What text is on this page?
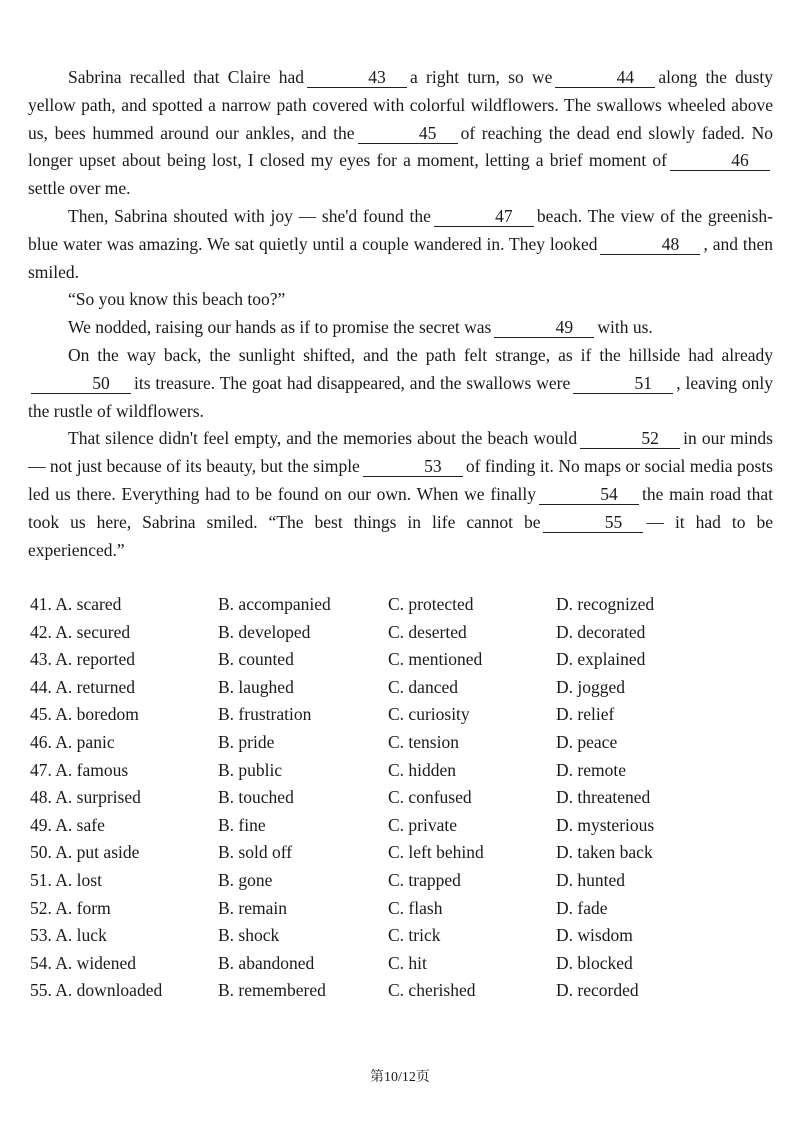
Sabrina recalled that Claire had	43 a right turn, so we	44 along the dusty yellow path, and spotted a narrow path covered with colorful wildflowers. The swallows wheeled above us, bees hummed around our ankles, and the	45 of reaching the dead end slowly faded. No longer upset about being lost, I closed my eyes for a moment, letting a brief moment of	46settle over me.

Then, Sabrina shouted with joy — she'd found the	47 beach. The view of the greenish-blue water was amazing. We sat quietly until a couple wandered in. They looked	48 , and then smiled.

“So you know this beach too?”

We nodded, raising our hands as if to promise the secret was	49 with us.

On the way back, the sunlight shifted, and the path felt strange, as if the hillside had already50 its treasure. The goat had disappeared, and the swallows were	51 , leaving only the rustle of wildflowers.

That silence didn't feel empty, and the memories about the beach would	52 in our minds — not just because of its beauty, but the simple	53 of finding it. No maps or social media posts led us there. Everything had to be found on our own. When we finally	54 the main road that took us here, Sabrina smiled. “The best things in life cannot be	55 — it had to be experienced.”

41. A. scared	B. accompanied	C. protected	D. recognized
42. A. secured	B. developed	C. deserted	D. decorated
43. A. reported	B. counted	C. mentioned	D. explained
44. A. returned	B. laughed	C. danced	D. jogged
45. A. boredom	B. frustration	C. curiosity	D. relief
46. A. panic	B. pride	C. tension	D. peace
47. A. famous	B. public	C. hidden	D. remote
48. A. surprised	B. touched	C. confused	D. threatened
49. A. safe	B. fine	C. private	D. mysterious
50. A. put aside	B. sold off	C. left behind	D. taken back
51. A. lost	B. gone	C. trapped	D. hunted
52. A. form	B. remain	C. flash	D. fade
53. A. luck	B. shock	C. trick	D. wisdom
54. A. widened	B. abandoned	C. hit	D. blocked
55. A. downloaded	B. remembered	C. cherished	D. recorded
第10/12页
